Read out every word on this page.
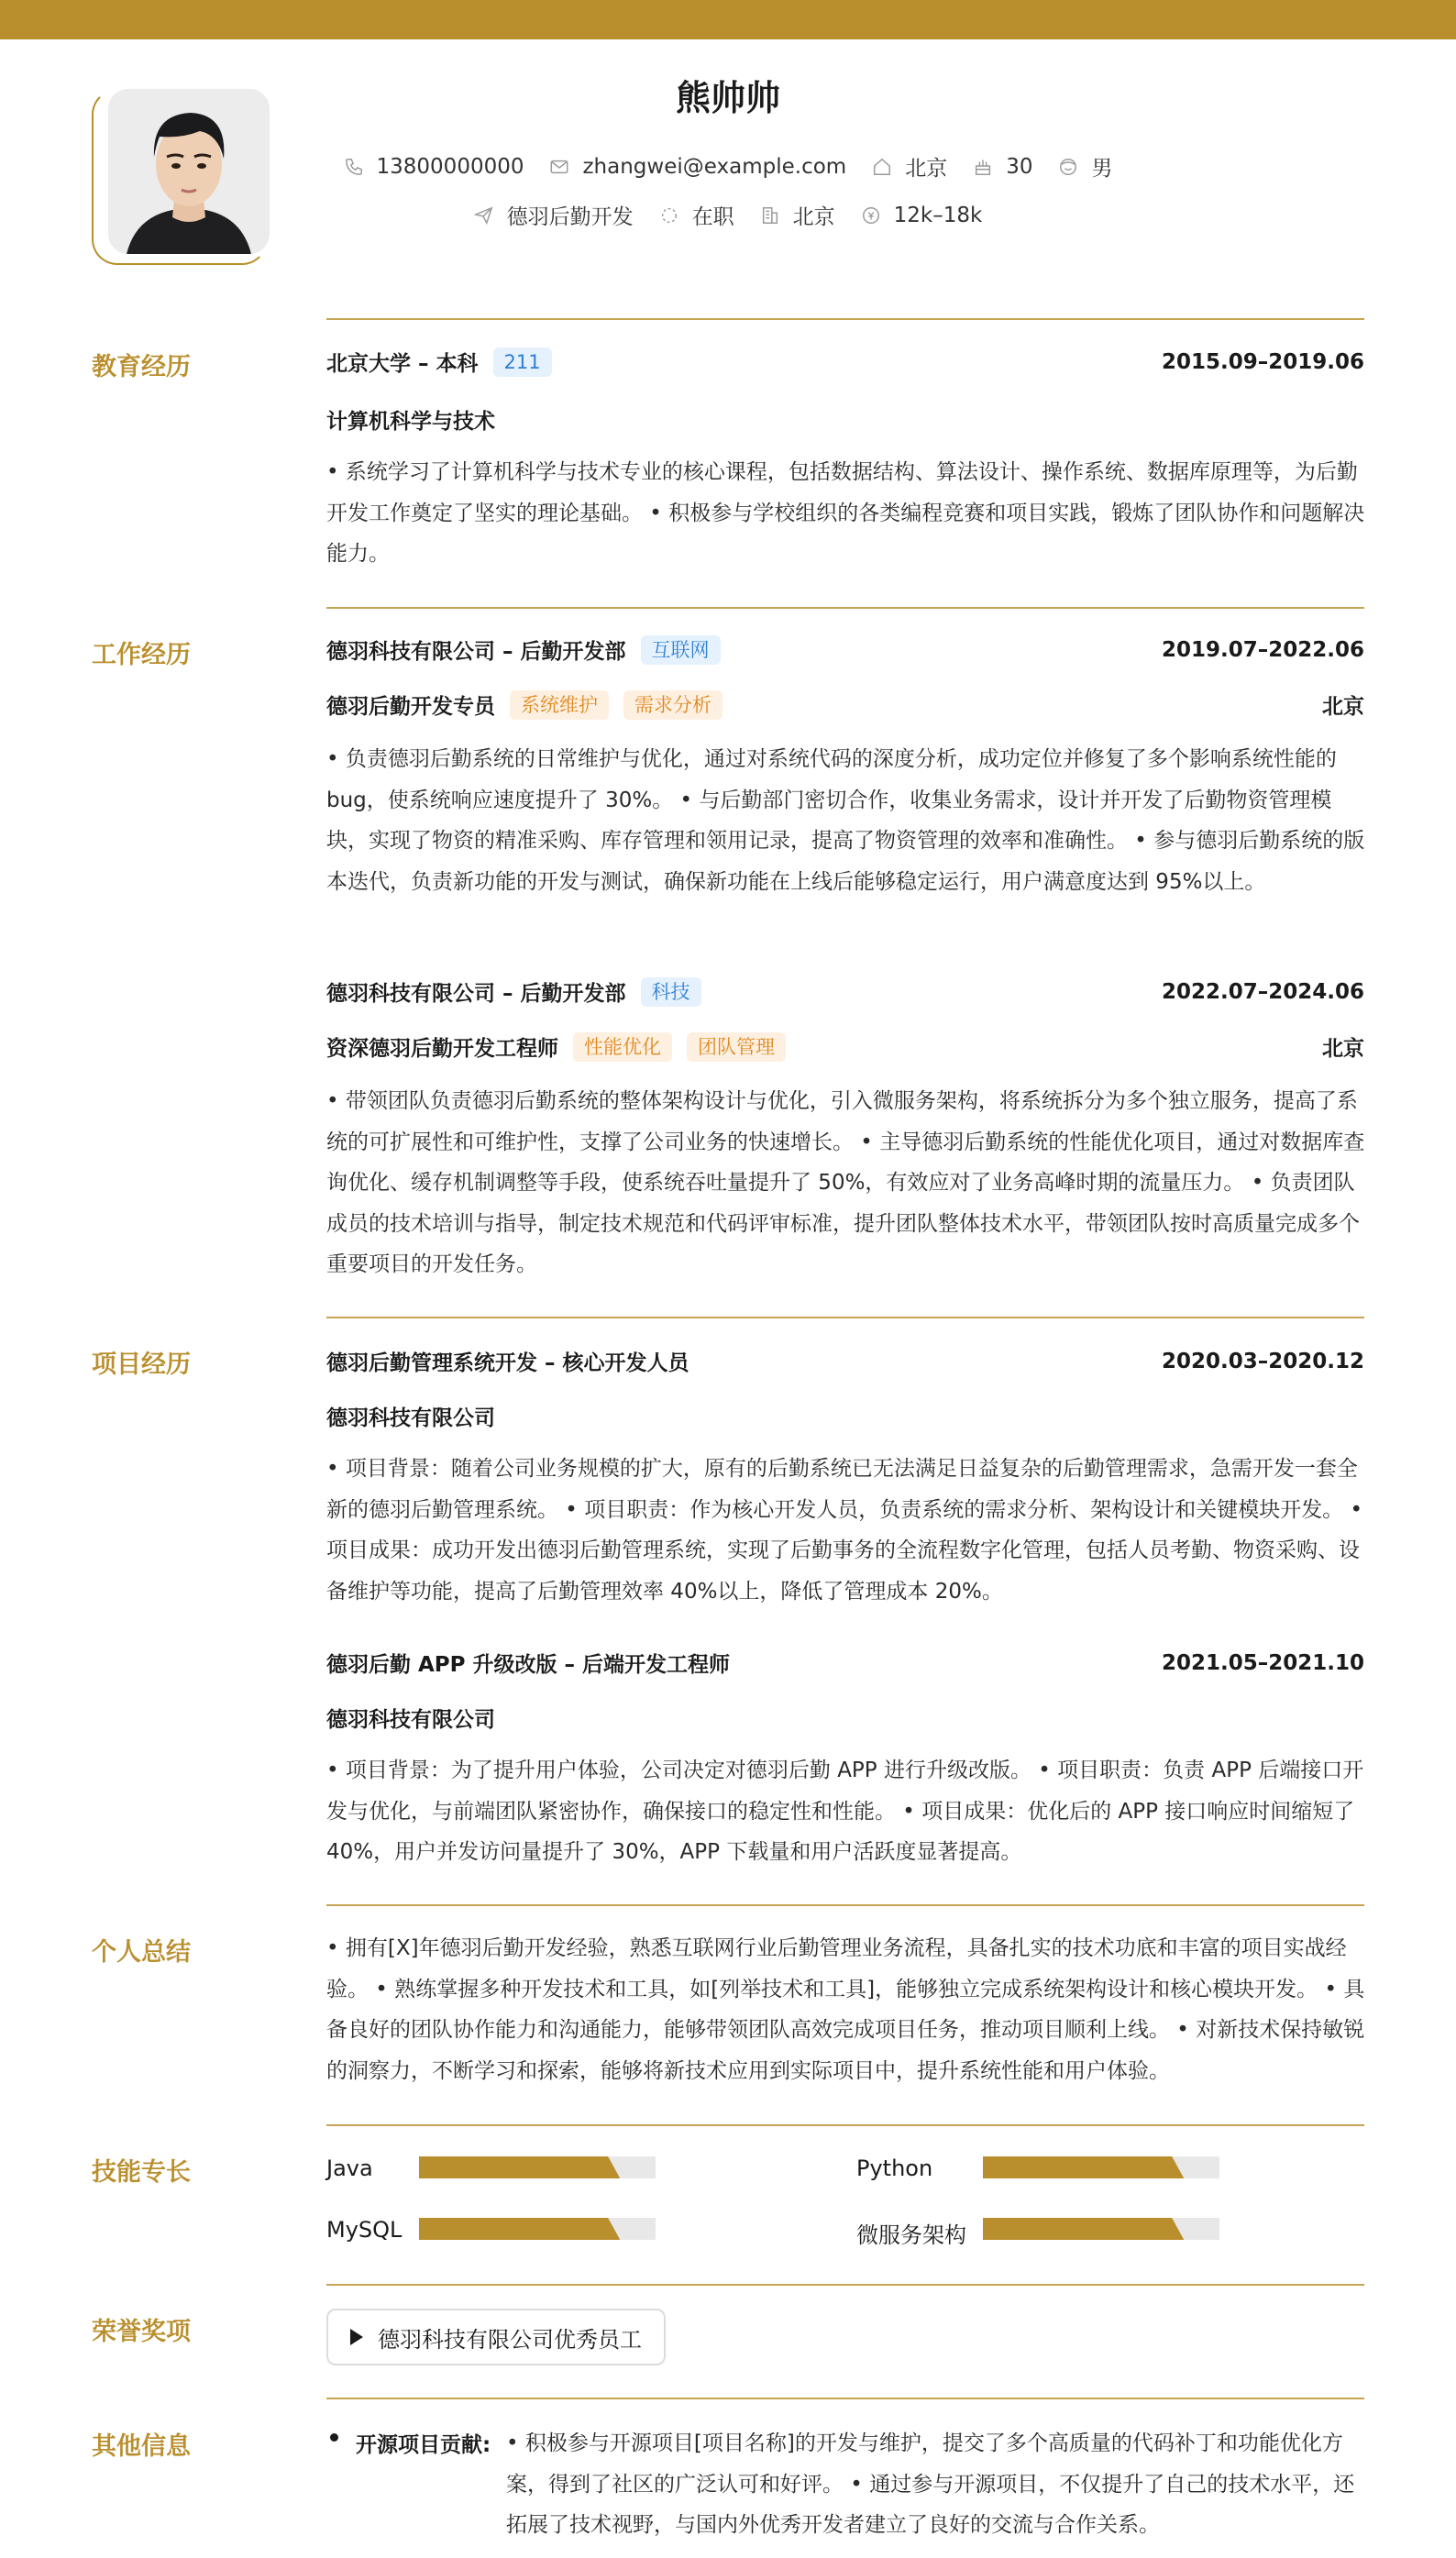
熊帅帅
13800000000	zhangwei@example.com	北京	30	男
德羽后勤开发	在职	北京	12k–18k
教育经历	北京大学 – 本科	211	2015.09–2019.06
计算机科学与技术
• 系统学习了计算机科学与技术专业的核心课程，包括数据结构、算法设计、操作系统、数据库原理等，为后勤开发工作奠定了坚实的理论基础。 • 积极参与学校组织的各类编程竞赛和项目实践，锻炼了团队协作和问题解决能力。
工作经历	德羽科技有限公司 – 后勤开发部	互联网	2019.07–2022.06
德羽后勤开发专员	系统维护	需求分析	北京
• 负责德羽后勤系统的日常维护与优化，通过对系统代码的深度分析，成功定位并修复了多个影响系统性能的 bug，使系统响应速度提升了 30%。 • 与后勤部门密切合作，收集业务需求，设计并开发了后勤物资管理模块，实现了物资的精准采购、库存管理和领用记录，提高了物资管理的效率和准确性。 • 参与德羽后勤系统的版本迭代，负责新功能的开发与测试，确保新功能在上线后能够稳定运行，用户满意度达到 95%以上。
德羽科技有限公司 – 后勤开发部	科技	2022.07–2024.06
资深德羽后勤开发工程师	性能优化	团队管理	北京
• 带领团队负责德羽后勤系统的整体架构设计与优化，引入微服务架构，将系统拆分为多个独立服务，提高了系统的可扩展性和可维护性，支撑了公司业务的快速增长。 • 主导德羽后勤系统的性能优化项目，通过对数据库查询优化、缓存机制调整等手段，使系统吞吐量提升了 50%，有效应对了业务高峰时期的流量压力。 • 负责团队成员的技术培训与指导，制定技术规范和代码评审标准，提升团队整体技术水平，带领团队按时高质量完成多个重要项目的开发任务。
项目经历	德羽后勤管理系统开发 – 核心开发人员	2020.03–2020.12
德羽科技有限公司
• 项目背景：随着公司业务规模的扩大，原有的后勤系统已无法满足日益复杂的后勤管理需求，急需开发一套全新的德羽后勤管理系统。 • 项目职责：作为核心开发人员，负责系统的需求分析、架构设计和关键模块开发。 • 项目成果：成功开发出德羽后勤管理系统，实现了后勤事务的全流程数字化管理，包括人员考勤、物资采购、设备维护等功能，提高了后勤管理效率 40%以上，降低了管理成本 20%。
德羽后勤 APP 升级改版 – 后端开发工程师	2021.05–2021.10
德羽科技有限公司
• 项目背景：为了提升用户体验，公司决定对德羽后勤 APP 进行升级改版。 • 项目职责：负责 APP 后端接口开发与优化，与前端团队紧密协作，确保接口的稳定性和性能。 • 项目成果：优化后的 APP 接口响应时间缩短了 40%，用户并发访问量提升了 30%，APP 下载量和用户活跃度显著提高。
个人总结	• 拥有[X]年德羽后勤开发经验，熟悉互联网行业后勤管理业务流程，具备扎实的技术功底和丰富的项目实战经验。 • 熟练掌握多种开发技术和工具，如[列举技术和工具]，能够独立完成系统架构设计和核心模块开发。 • 具备良好的团队协作能力和沟通能力，能够带领团队高效完成项目任务，推动项目顺利上线。 • 对新技术保持敏锐的洞察力，不断学习和探索，能够将新技术应用到实际项目中，提升系统性能和用户体验。
技能专长	Java	Python
MySQL	微服务架构
荣誉奖项	德羽科技有限公司优秀员工
其他信息	开源项目贡献: • 积极参与开源项目[项目名称]的开发与维护，提交了多个高质量的代码补丁和功能优化方案，得到了社区的广泛认可和好评。 • 通过参与开源项目，不仅提升了自己的技术水平，还拓展了技术视野，与国内外优秀开发者建立了良好的交流与合作关系。
